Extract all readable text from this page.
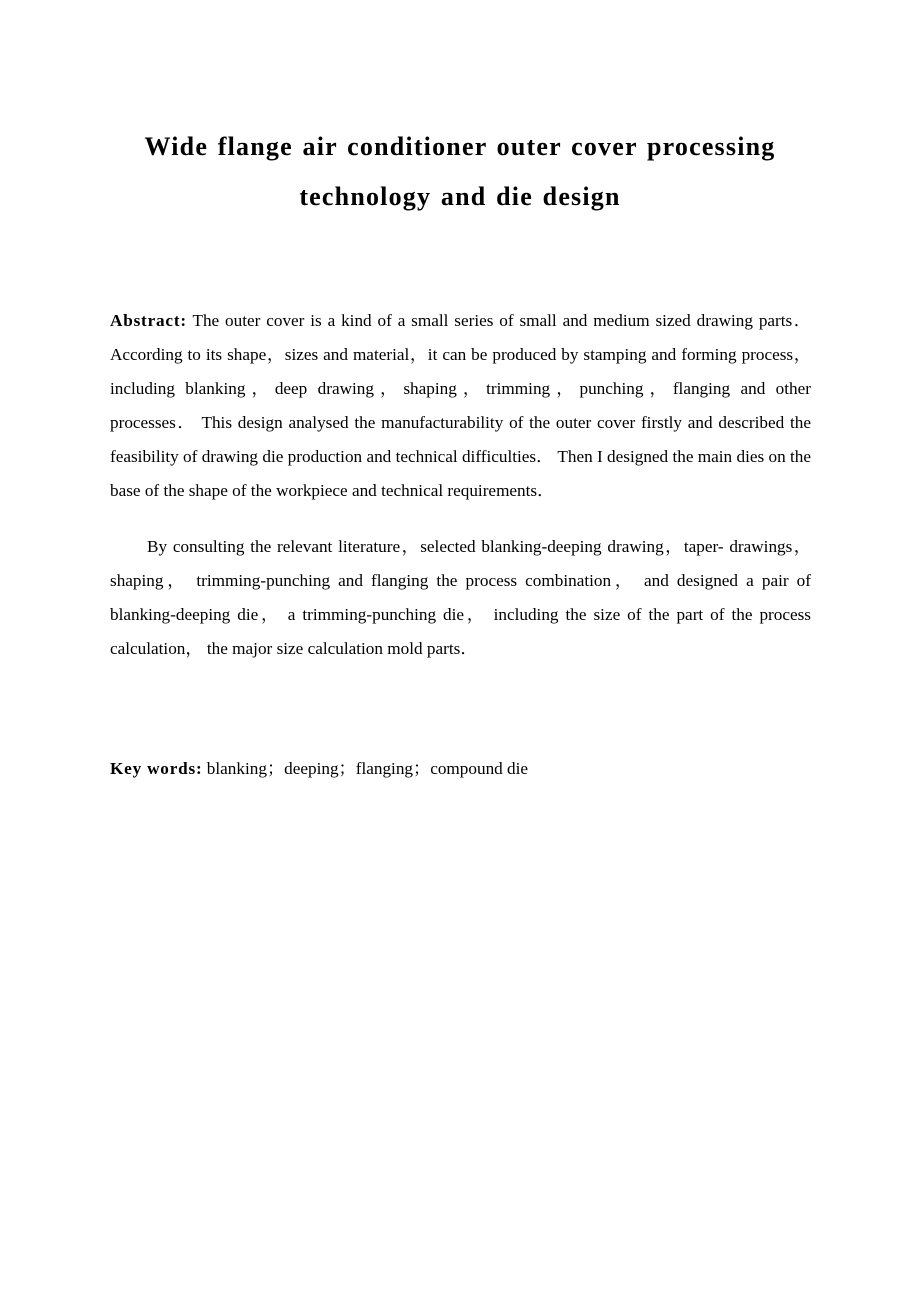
Wide flange air conditioner outer cover processing
technology and die design

Abstract: The outer cover is a kind of a small series of small and medium sized drawing parts．According to its shape，sizes and material，it can be produced by stamping and forming process，including blanking，deep drawing，shaping，trimming，punching，flanging and other processes． This design analysed the manufacturability of the outer cover firstly and described the feasibility of drawing die production and technical difficulties． Then I designed the main dies on the base of the shape of the workpiece and technical requirements．

By consulting the relevant literature，selected blanking-deeping drawing，taper- drawings，shaping， trimming-punching and flanging the process combination， and designed a pair of blanking-deeping die， a trimming-punching die， including the size of the part of the process calculation， the major size calculation mold parts．

Key words: blanking；deeping；flanging；compound die
